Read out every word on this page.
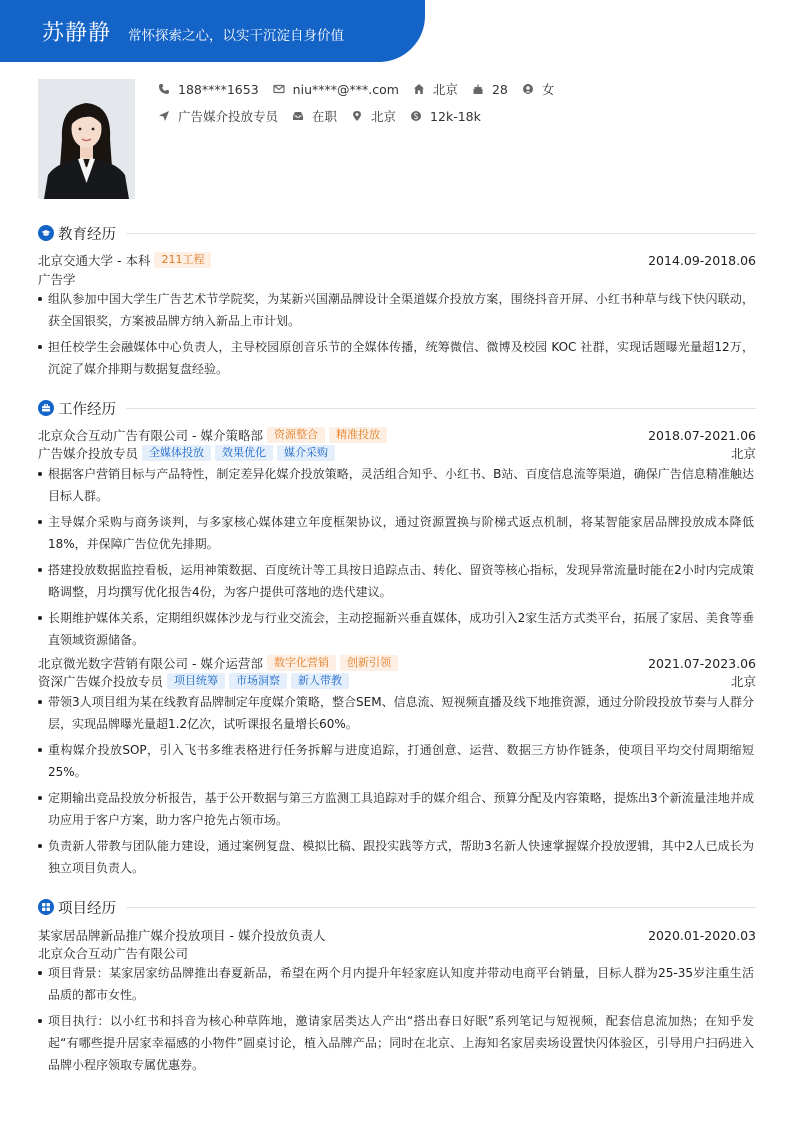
苏静静 常怀探索之心，以实干沉淀自身价值
188****1653	niu****@***.com	北京	28	女
广告媒介投放专员	在职	北京	12k-18k
教育经历
北京交通大学 - 本科	211工程	2014.09-2018.06
广告学
组队参加中国大学生广告艺术节学院奖，为某新兴国潮品牌设计全渠道媒介投放方案，围绕抖音开屏、小红书种草与线下快闪联动，获全国银奖，方案被品牌方纳入新品上市计划。
担任校学生会融媒体中心负责人，主导校园原创音乐节的全媒体传播，统筹微信、微博及校园 KOC 社群，实现话题曝光量超12万，沉淀了媒介排期与数据复盘经验。
工作经历
北京众合互动广告有限公司 - 媒介策略部	资源整合	精准投放	2018.07-2021.06
广告媒介投放专员	全媒体投放	效果优化	媒介采购	北京
根据客户营销目标与产品特性，制定差异化媒介投放策略，灵活组合知乎、小红书、B站、百度信息流等渠道，确保广告信息精准触达目标人群。
主导媒介采购与商务谈判，与多家核心媒体建立年度框架协议，通过资源置换与阶梯式返点机制，将某智能家居品牌投放成本降低18%，并保障广告位优先排期。
搭建投放数据监控看板，运用神策数据、百度统计等工具按日追踪点击、转化、留资等核心指标，发现异常流量时能在2小时内完成策略调整，月均撰写优化报告4份，为客户提供可落地的迭代建议。
长期维护媒体关系，定期组织媒体沙龙与行业交流会，主动挖掘新兴垂直媒体，成功引入2家生活方式类平台，拓展了家居、美食等垂直领域资源储备。
北京微光数字营销有限公司 - 媒介运营部	数字化营销	创新引领	2021.07-2023.06
资深广告媒介投放专员	项目统筹	市场洞察	新人带教	北京
带领3人项目组为某在线教育品牌制定年度媒介策略，整合SEM、信息流、短视频直播及线下地推资源，通过分阶段投放节奏与人群分层，实现品牌曝光量超1.2亿次，试听课报名量增长60%。
重构媒介投放SOP，引入飞书多维表格进行任务拆解与进度追踪，打通创意、运营、数据三方协作链条，使项目平均交付周期缩短25%。
定期输出竞品投放分析报告，基于公开数据与第三方监测工具追踪对手的媒介组合、预算分配及内容策略，提炼出3个新流量洼地并成功应用于客户方案，助力客户抢先占领市场。
负责新人带教与团队能力建设，通过案例复盘、模拟比稿、跟投实践等方式，帮助3名新人快速掌握媒介投放逻辑，其中2人已成长为独立项目负责人。
项目经历
某家居品牌新品推广媒介投放项目 - 媒介投放负责人	2020.01-2020.03
北京众合互动广告有限公司
项目背景：某家居家纺品牌推出春夏新品，希望在两个月内提升年轻家庭认知度并带动电商平台销量，目标人群为25-35岁注重生活品质的都市女性。
项目执行：以小红书和抖音为核心种草阵地，邀请家居类达人产出“搭出春日好眠”系列笔记与短视频，配套信息流加热；在知乎发起“有哪些提升居家幸福感的小物件”圆桌讨论，植入品牌产品；同时在北京、上海知名家居卖场设置快闪体验区，引导用户扫码进入品牌小程序领取专属优惠券。
